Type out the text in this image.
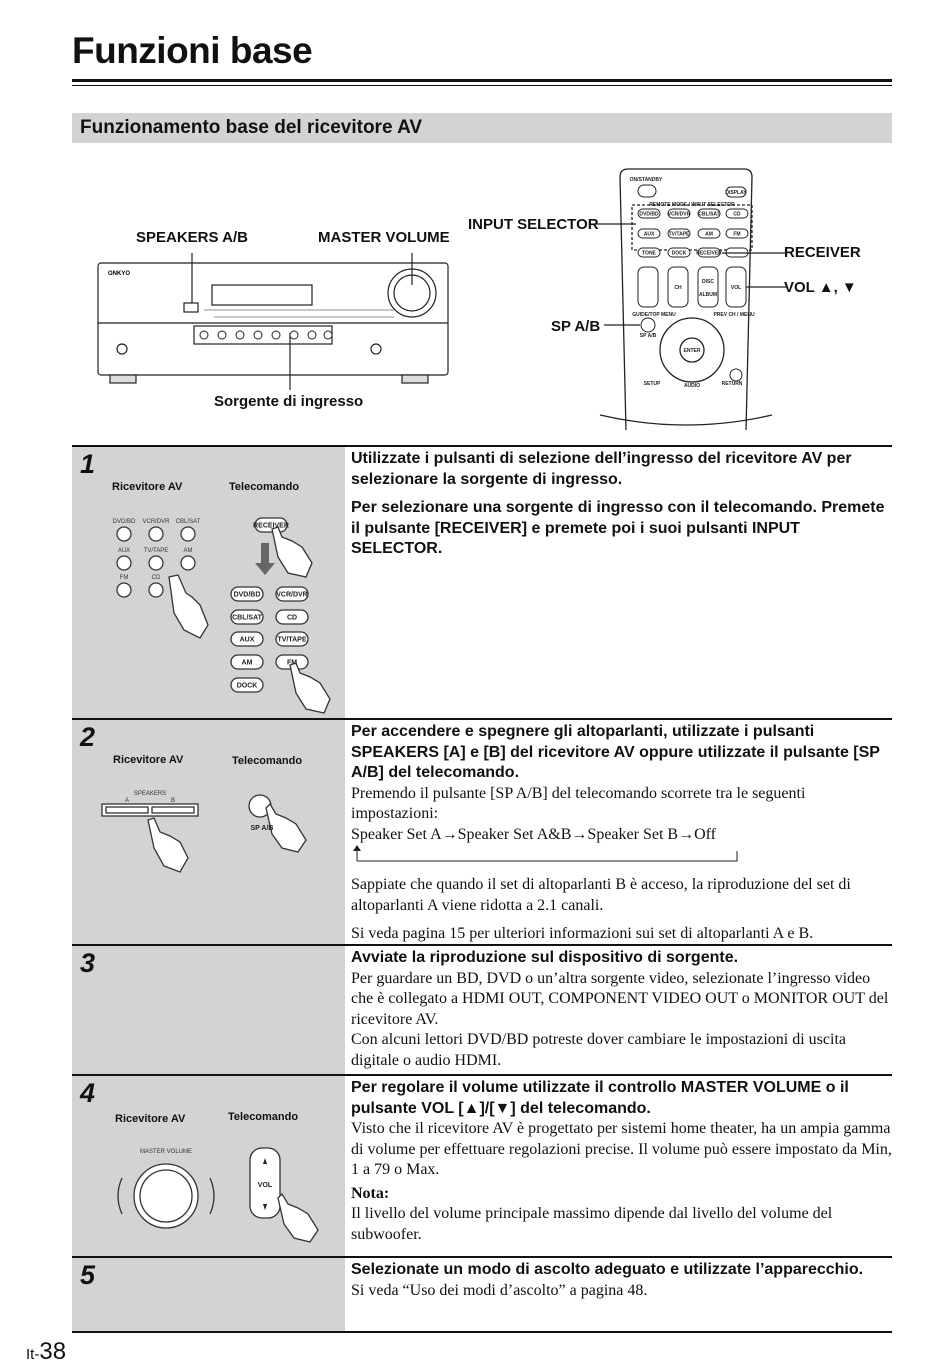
Funzioni base
Funzionamento base del ricevitore AV
SPEAKERS A/B	MASTER VOLUME
INPUT SELECTOR
RECEIVER
VOL ▲, ▼
SP A/B
Sorgente di ingresso
ONKYO
ON/STANDBY
DISPLAY
REMOTE MODE / INPUT SELECTOR
DVD/BD VCR/DVR CBL/SAT	CD
AUX	TV/TAPE	AM	FM
TONE	DOCK RECEIVER
CH
DISC
ALBUM
VOL
GUIDE/TOP MENU	PREV CH / MENU
SP A/B
ENTER
SETUP	AUDIO	RETURN
1
Ricevitore AV	Telecomando
DVD/BD VCR/DVR CBL/SAT
AUX TV/TAPE	AM
FM	CD
RECEIVER
DVD/BD VCR/DVR
CBL/SAT	CD
AUX	TV/TAPE
AM	FM
DOCK

Utilizzate i pulsanti di selezione dell’ingresso del ricevitore AV per selezionare la sorgente di ingresso.

Per selezionare una sorgente di ingresso con il telecomando. Premete il pulsante [RECEIVER] e premete poi i suoi pulsanti INPUT SELECTOR.

2
Ricevitore AV	Telecomando
SPEAKERS
A	B
SP A/B

Per accendere e spegnere gli altoparlanti, utilizzate i pulsanti SPEAKERS [A] e [B] del ricevitore AV oppure utilizzate il pulsante [SP A/B] del telecomando.

Premendo il pulsante [SP A/B] del telecomando scorrete tra le seguenti impostazioni:

Speaker Set A→Speaker Set A&B→Speaker Set B→Off

Sappiate che quando il set di altoparlanti B è acceso, la riproduzione del set di altoparlanti A viene ridotta a 2.1 canali.

Si veda pagina 15 per ulteriori informazioni sui set di altoparlanti A e B.

3	Avviate la riproduzione sul dispositivo di sorgente.

Per guardare un BD, DVD o un’altra sorgente video, selezionate l’ingresso video che è collegato a HDMI OUT, COMPONENT VIDEO OUT o MONITOR OUT del ricevitore AV.

Con alcuni lettori DVD/BD potreste dover cambiare le impostazioni di uscita digitale o audio HDMI.

4
Ricevitore AV	Telecomando
MASTER VOLUME
VOL

Per regolare il volume utilizzate il controllo MASTER VOLUME o il pulsante VOL [▲]/[▼] del telecomando.

Visto che il ricevitore AV è progettato per sistemi home theater, ha un ampia gamma di volume per effettuare regolazioni precise. Il volume può essere impostato da Min, 1 a 79 o Max.

Nota:

Il livello del volume principale massimo dipende dal livello del volume del subwoofer.

5	Selezionate un modo di ascolto adeguato e utilizzate l’apparecchio.

Si veda “Uso dei modi d’ascolto” a pagina 48.

It-38
